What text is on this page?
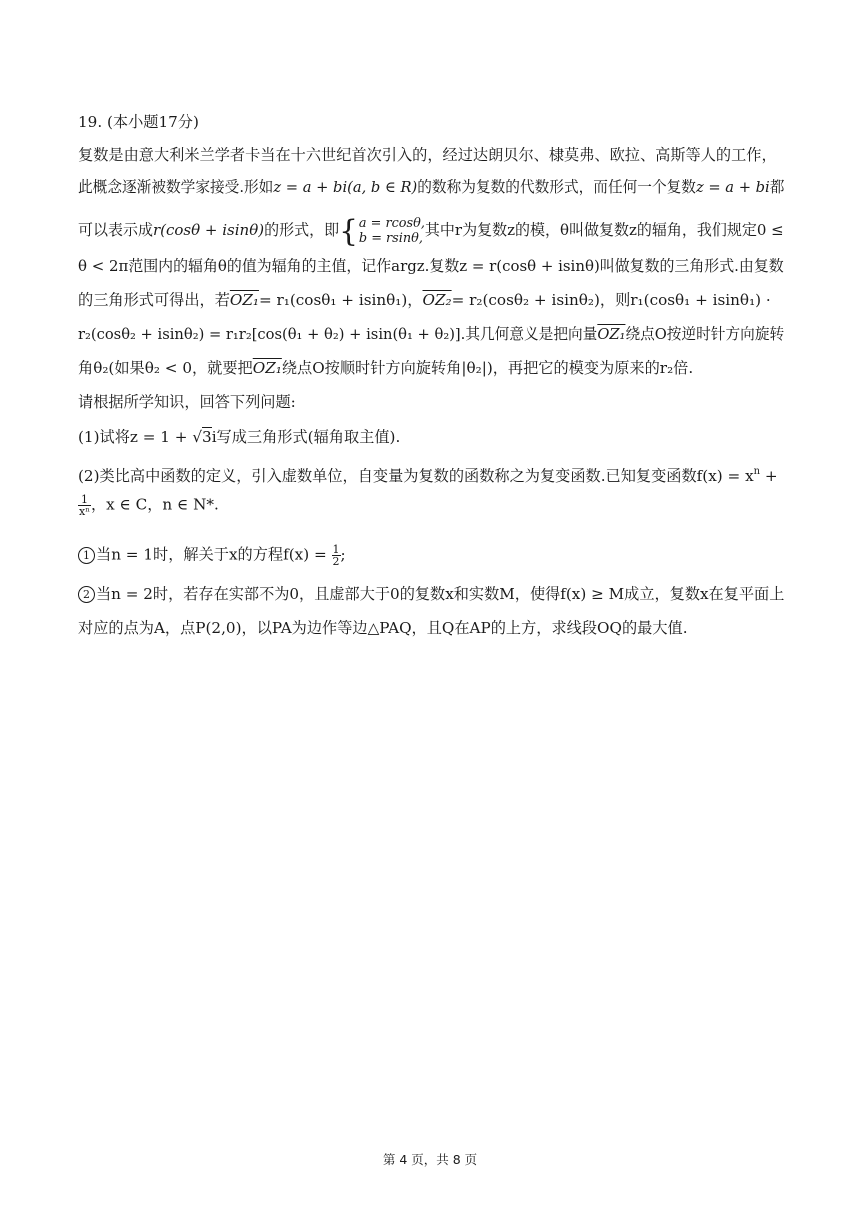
19. (本小题17分)
复数是由意大利米兰学者卡当在十六世纪首次引入的，经过达朗贝尔、棣莫弗、欧拉、高斯等人的工作，
此概念逐渐被数学家接受.形如z = a + bi(a, b ∈ R)的数称为复数的代数形式，而任何一个复数z = a + bi都
可以表示成r(cosθ + isinθ)的形式，即{ a = rcosθ,
b = rsinθ, 其中r为复数z的模，θ叫做复数z的辐角，我们规定0 ≤
θ < 2π范围内的辐角θ的值为辐角的主值，记作argz.复数z = r(cosθ + isinθ)叫做复数的三角形式.由复数
的三角形式可得出，若OZ₁= r₁(cosθ₁ + isinθ₁)，OZ₂= r₂(cosθ₂ + isinθ₂)，则r₁(cosθ₁ + isinθ₁) ·
r₂(cosθ₂ + isinθ₂) = r₁r₂[cos(θ₁ + θ₂) + isin(θ₁ + θ₂)].其几何意义是把向量OZ₁绕点O按逆时针方向旋转
角θ₂(如果θ₂ < 0，就要把OZ₁绕点O按顺时针方向旋转角|θ₂|)，再把它的模变为原来的r₂倍.
请根据所学知识，回答下列问题:
(1)试将z = 1 + √3i写成三角形式(辐角取主值).
(2)类比高中函数的定义，引入虚数单位，自变量为复数的函数称之为复变函数.已知复变函数$f(x) = x^n$ +
$\frac{1}{\text{xⁿ}}$ ，x ∈ C，n ∈ N*.
1 当n = 1时，解关于x的方程$f(x) = \frac{1}{2}$ ;
2 当n = 2时，若存在实部不为0，且虚部大于0的复数x和实数M，使得f(x) ≥ M成立，复数x在复平面上
对应的点为A，点P(2,0)，以PA为边作等边△PAQ，且Q在AP的上方，求线段OQ的最大值.
第 4 页，共 8 页
